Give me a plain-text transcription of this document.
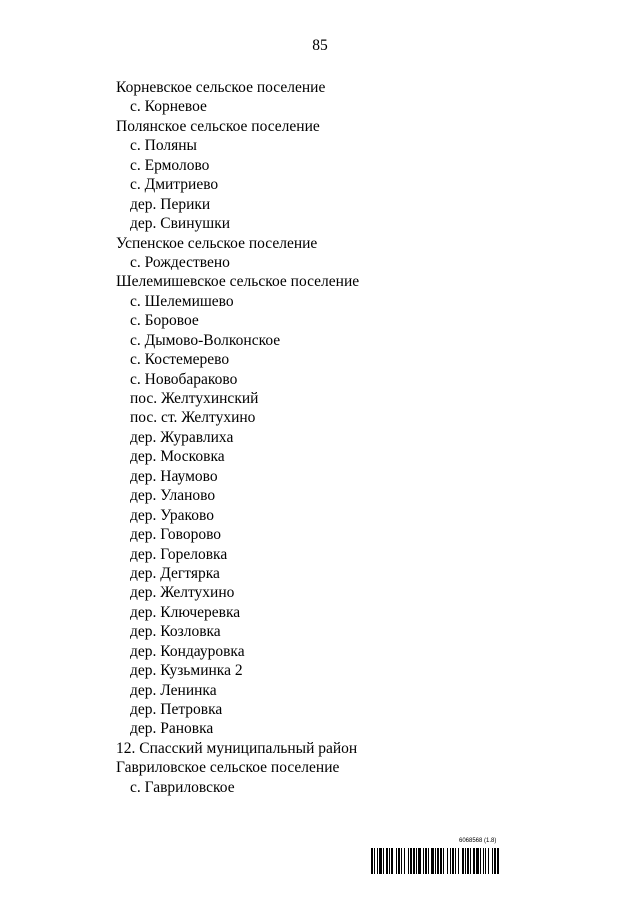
85
Корневское сельское поселение
с. Корневое
Полянское сельское поселение
с. Поляны
с. Ермолово
с. Дмитриево
дер. Перики
дер. Свинушки
Успенское сельское поселение
с. Рождествено
Шелемишевское сельское поселение
с. Шелемишево
с. Боровое
с. Дымово-Волконское
с. Костемерево
с. Новобараково
пос. Желтухинский
пос. ст. Желтухино
дер. Журавлиха
дер. Московка
дер. Наумово
дер. Уланово
дер. Ураково
дер. Говорово
дер. Гореловка
дер. Дегтярка
дер. Желтухино
дер. Ключеревка
дер. Козловка
дер. Кондауровка
дер. Кузьминка 2
дер. Ленинка
дер. Петровка
дер. Рановка
12. Спасский муниципальный район
Гавриловское сельское поселение
с. Гавриловское
6068568 (1.8)
